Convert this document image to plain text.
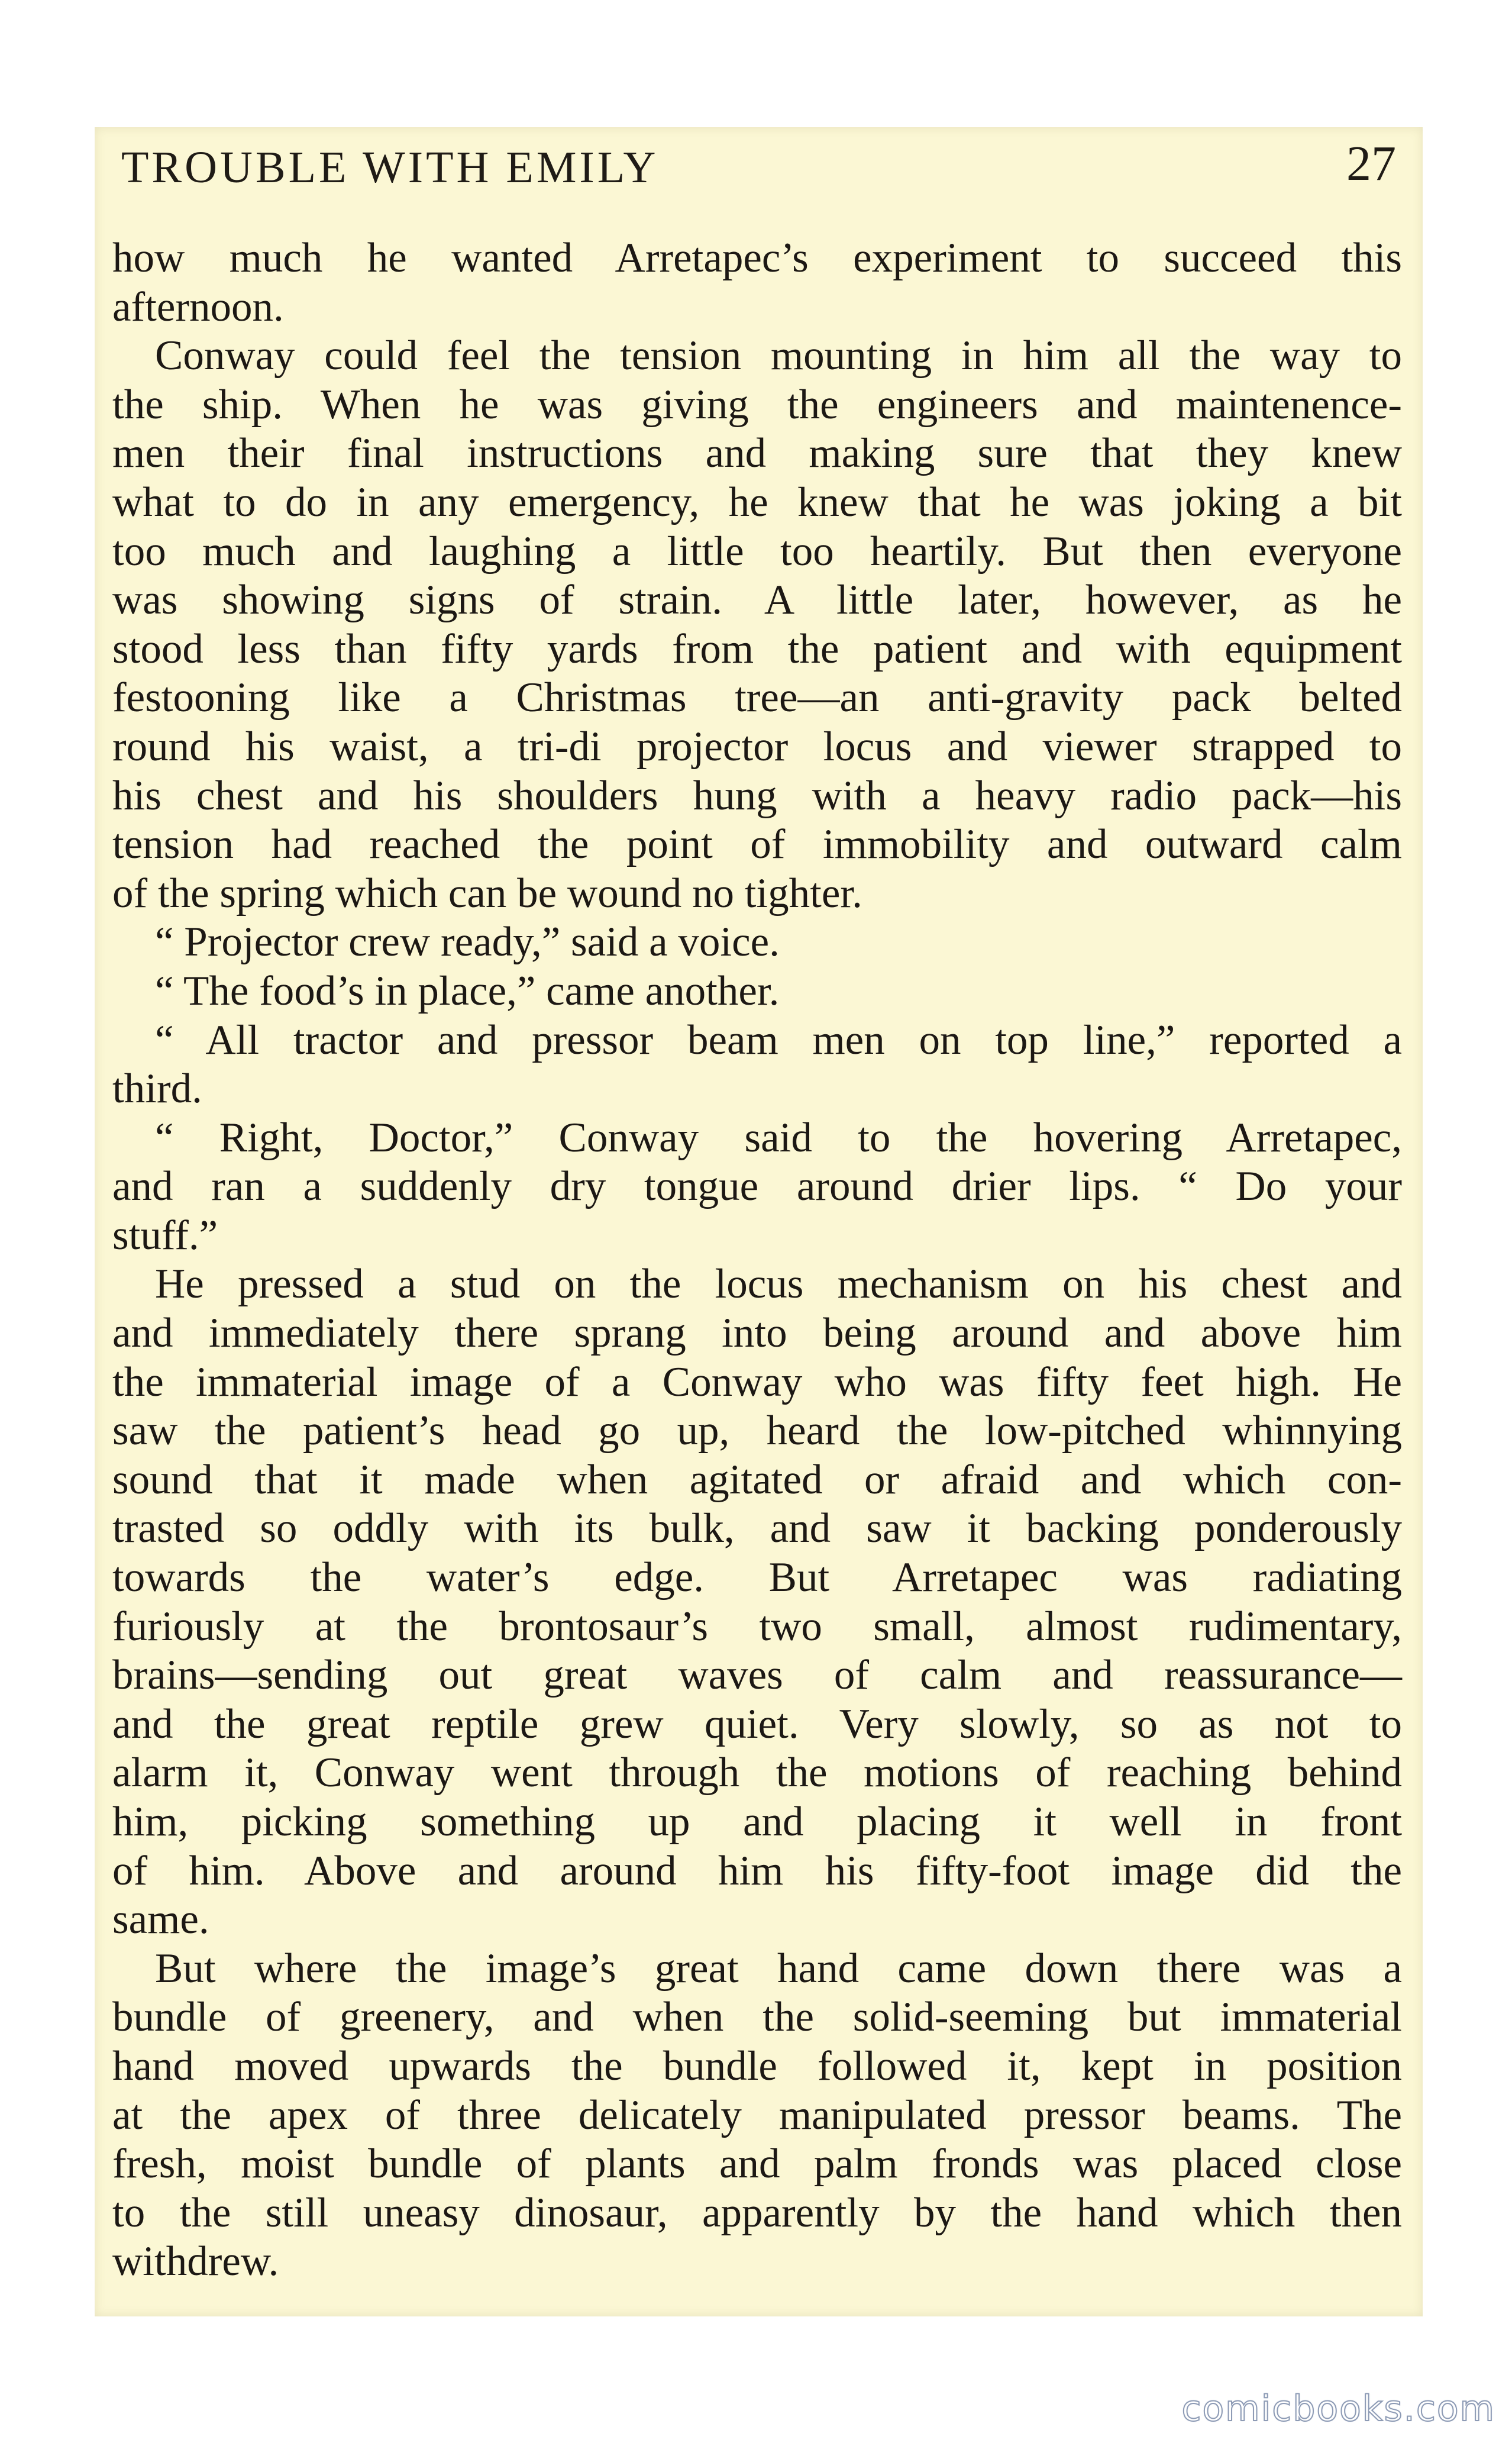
TROUBLE WITH EMILY	27
how much he wanted Arretapec’s experiment to succeed this
afternoon.
Conway could feel the tension mounting in him all the way to
the ship. When he was giving the engineers and maintenence-
men their final instructions and making sure that they knew
what to do in any emergency, he knew that he was joking a bit
too much and laughing a little too heartily. But then everyone
was showing signs of strain. A little later, however, as he
stood less than fifty yards from the patient and with equipment
festooning like a Christmas tree—an anti-gravity pack belted
round his waist, a tri-di projector locus and viewer strapped to
his chest and his shoulders hung with a heavy radio pack—his
tension had reached the point of immobility and outward calm
of the spring which can be wound no tighter.
“ Projector crew ready,” said a voice.
“ The food’s in place,” came another.
“ All tractor and pressor beam men on top line,” reported a
third.
“ Right, Doctor,” Conway said to the hovering Arretapec,
and ran a suddenly dry tongue around drier lips. “ Do your
stuff.”
He pressed a stud on the locus mechanism on his chest and
and immediately there sprang into being around and above him
the immaterial image of a Conway who was fifty feet high. He
saw the patient’s head go up, heard the low-pitched whinnying
sound that it made when agitated or afraid and which con-
trasted so oddly with its bulk, and saw it backing ponderously
towards the water’s edge. But Arretapec was radiating
furiously at the brontosaur’s two small, almost rudimentary,
brains—sending out great waves of calm and reassurance—
and the great reptile grew quiet. Very slowly, so as not to
alarm it, Conway went through the motions of reaching behind
him, picking something up and placing it well in front
of him. Above and around him his fifty-foot image did the
same.
But where the image’s great hand came down there was a
bundle of greenery, and when the solid-seeming but immaterial
hand moved upwards the bundle followed it, kept in position
at the apex of three delicately manipulated pressor beams. The
fresh, moist bundle of plants and palm fronds was placed close
to the still uneasy dinosaur, apparently by the hand which then
withdrew.
comicbooks.com
